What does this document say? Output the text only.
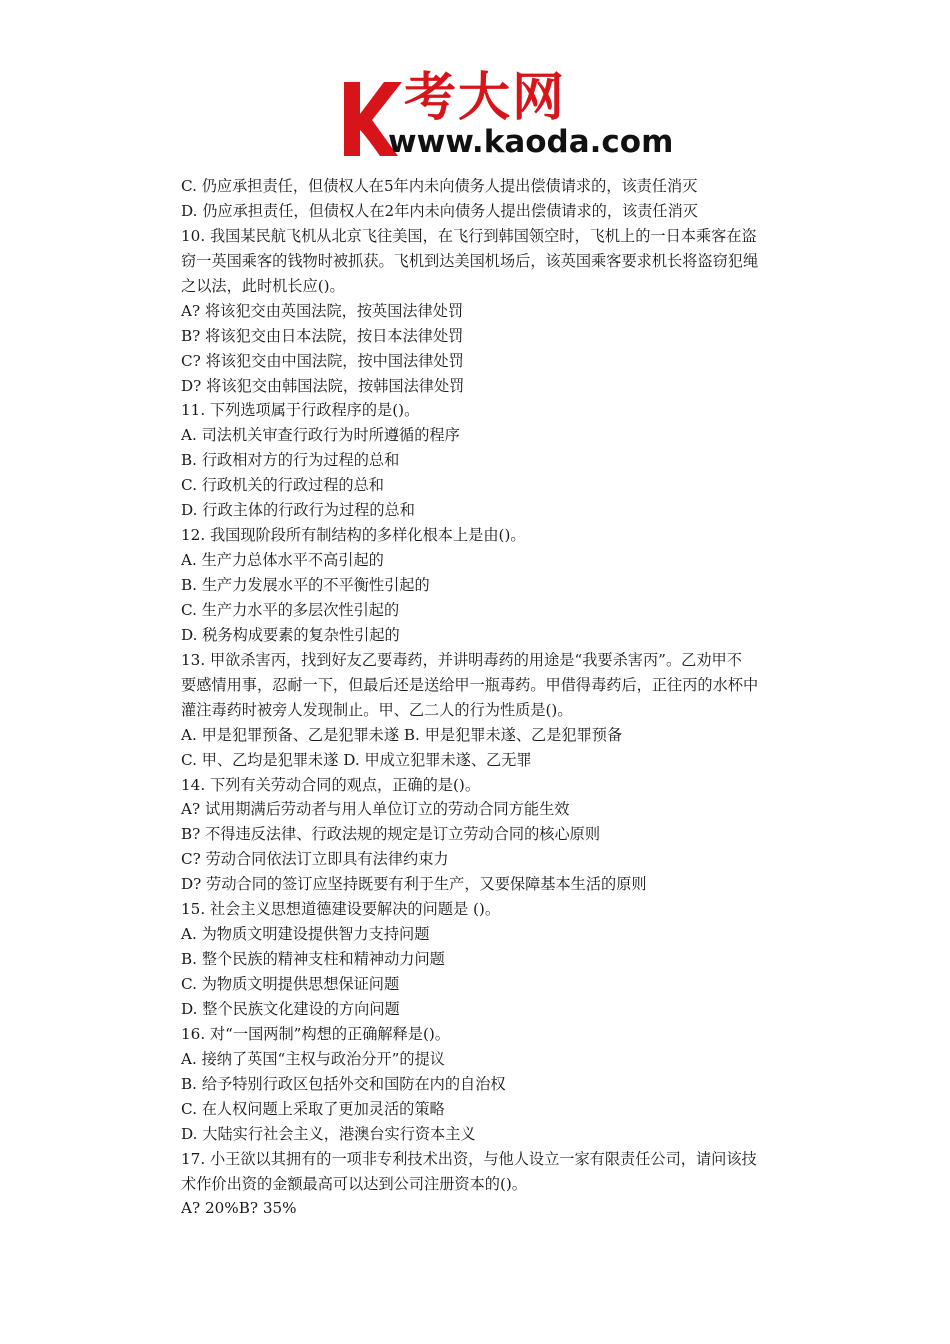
考大网
www.kaoda.com
C. 仍应承担责任，但债权人在5年内未向债务人提出偿债请求的，该责任消灭
D. 仍应承担责任，但债权人在2年内未向债务人提出偿债请求的，该责任消灭
10. 我国某民航飞机从北京飞往美国，在飞行到韩国领空时，飞机上的一日本乘客在盗
窃一英国乘客的钱物时被抓获。飞机到达美国机场后，该英国乘客要求机长将盗窃犯绳
之以法，此时机长应()。
A? 将该犯交由英国法院，按英国法律处罚
B? 将该犯交由日本法院，按日本法律处罚
C? 将该犯交由中国法院，按中国法律处罚
D? 将该犯交由韩国法院，按韩国法律处罚
11. 下列选项属于行政程序的是()。
A. 司法机关审查行政行为时所遵循的程序
B. 行政相对方的行为过程的总和
C. 行政机关的行政过程的总和
D. 行政主体的行政行为过程的总和
12. 我国现阶段所有制结构的多样化根本上是由()。
A. 生产力总体水平不高引起的
B. 生产力发展水平的不平衡性引起的
C. 生产力水平的多层次性引起的
D. 税务构成要素的复杂性引起的
13. 甲欲杀害丙，找到好友乙要毒药，并讲明毒药的用途是“我要杀害丙”。乙劝甲不
要感情用事，忍耐一下，但最后还是送给甲一瓶毒药。甲借得毒药后，正往丙的水杯中
灌注毒药时被旁人发现制止。甲、乙二人的行为性质是()。
A. 甲是犯罪预备、乙是犯罪未遂 B. 甲是犯罪未遂、乙是犯罪预备
C. 甲、乙均是犯罪未遂 D. 甲成立犯罪未遂、乙无罪
14. 下列有关劳动合同的观点，正确的是()。
A? 试用期满后劳动者与用人单位订立的劳动合同方能生效
B? 不得违反法律、行政法规的规定是订立劳动合同的核心原则
C? 劳动合同依法订立即具有法律约束力
D? 劳动合同的签订应坚持既要有利于生产，又要保障基本生活的原则
15. 社会主义思想道德建设要解决的问题是 ()。
A. 为物质文明建设提供智力支持问题
B. 整个民族的精神支柱和精神动力问题
C. 为物质文明提供思想保证问题
D. 整个民族文化建设的方向问题
16. 对“一国两制”构想的正确解释是()。
A. 接纳了英国“主权与政治分开”的提议
B. 给予特别行政区包括外交和国防在内的自治权
C. 在人权问题上采取了更加灵活的策略
D. 大陆实行社会主义，港澳台实行资本主义
17. 小王欲以其拥有的一项非专利技术出资，与他人设立一家有限责任公司，请问该技
术作价出资的金额最高可以达到公司注册资本的()。
A? 20%B? 35%
